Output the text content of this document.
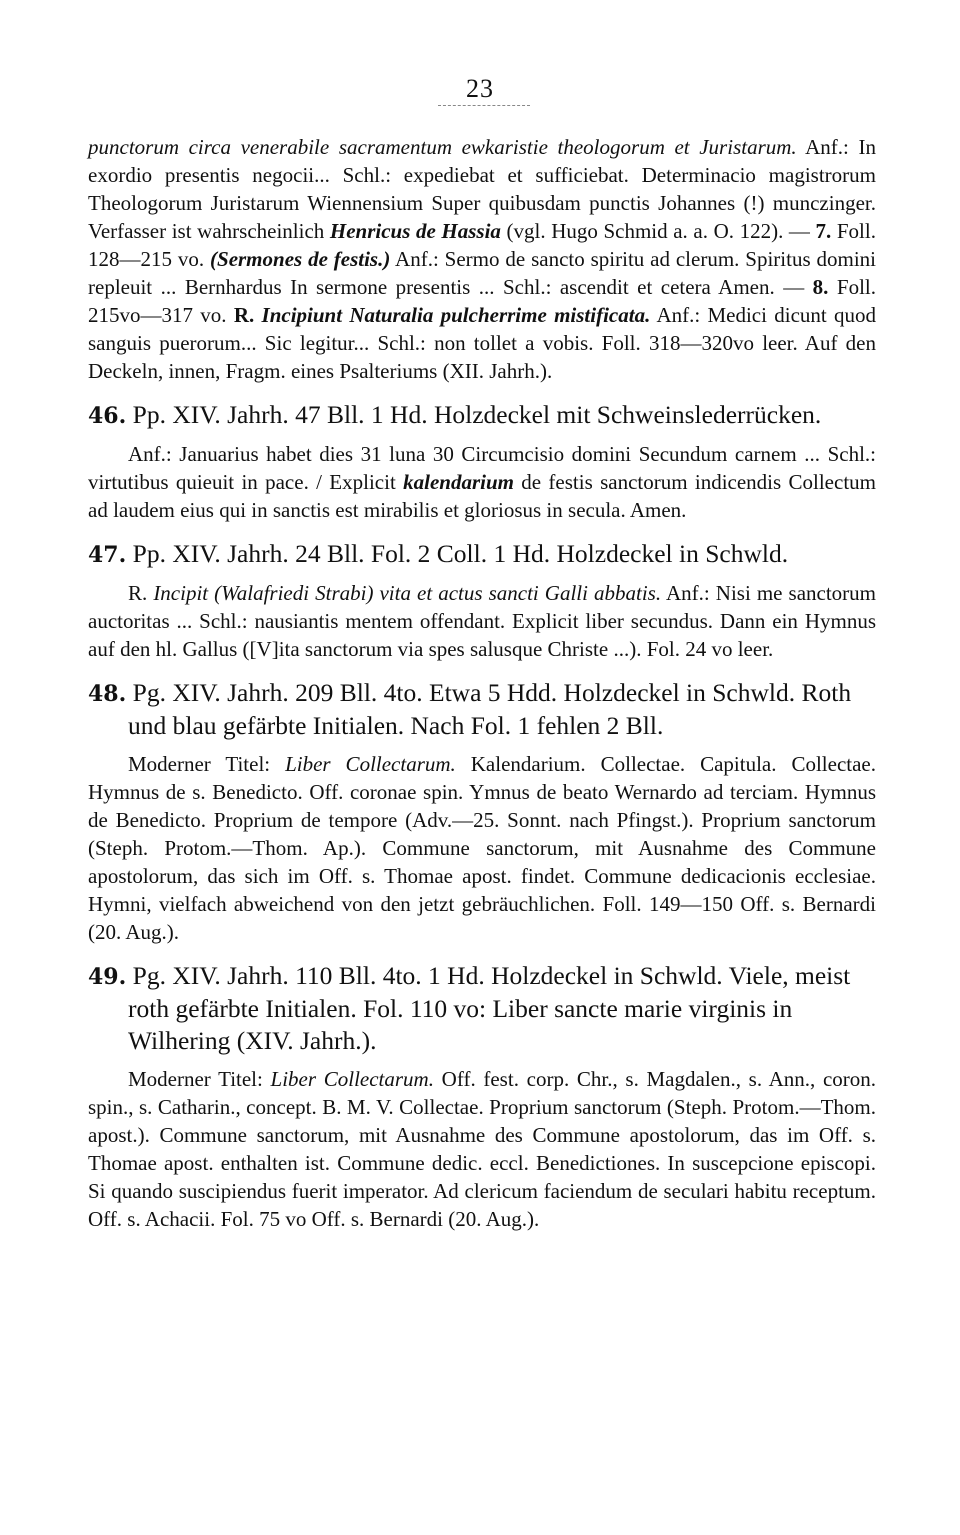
23

punctorum circa venerabile sacramentum ewkaristie theologorum et Juristarum. Anf.: In exordio presentis negocii... Schl.: expediebat et sufficiebat. Determinacio magistrorum Theologorum Juristarum Wiennensium Super quibusdam punctis Johannes (!) munczinger. Verfasser ist wahrscheinlich Henricus de Hassia (vgl. Hugo Schmid a. a. O. 122). — 7. Foll. 128—215 vo. (Sermones de festis.) Anf.: Sermo de sancto spiritu ad clerum. Spiritus domini repleuit ... Bernhardus In sermone presentis ... Schl.: ascendit et cetera Amen. — 8. Foll. 215vo—317 vo. R. Incipiunt Naturalia pulcherrime mistificata. Anf.: Medici dicunt quod sanguis puerorum... Sic legitur... Schl.: non tollet a vobis. Foll. 318—320vo leer. Auf den Deckeln, innen, Fragm. eines Psalteriums (XII. Jahrh.).

46. Pp. XIV. Jahrh. 47 Bll. 1 Hd. Holzdeckel mit Schweinslederrücken.

Anf.: Januarius habet dies 31 luna 30 Circumcisio domini Secundum carnem ... Schl.: virtutibus quieuit in pace. / Explicit kalendarium de festis sanctorum indicendis Collectum ad laudem eius qui in sanctis est mirabilis et gloriosus in secula. Amen.

47. Pp. XIV. Jahrh. 24 Bll. Fol. 2 Coll. 1 Hd. Holzdeckel in Schwld.

R. Incipit (Walafriedi Strabi) vita et actus sancti Galli abbatis. Anf.: Nisi me sanctorum auctoritas ... Schl.: nausiantis mentem offendant. Explicit liber secundus. Dann ein Hymnus auf den hl. Gallus ([V]ita sanctorum via spes salusque Christe ...). Fol. 24 vo leer.

48. Pg. XIV. Jahrh. 209 Bll. 4to. Etwa 5 Hdd. Holzdeckel in Schwld. Roth und blau gefärbte Initialen. Nach Fol. 1 fehlen 2 Bll.

Moderner Titel: Liber Collectarum. Kalendarium. Collectae. Capitula. Collectae. Hymnus de s. Benedicto. Off. coronae spin. Ymnus de beato Wernardo ad terciam. Hymnus de Benedicto. Proprium de tempore (Adv.—25. Sonnt. nach Pfingst.). Proprium sanctorum (Steph. Protom.—Thom. Ap.). Commune sanctorum, mit Ausnahme des Commune apostolorum, das sich im Off. s. Thomae apost. findet. Commune dedicacionis ecclesiae. Hymni, vielfach abweichend von den jetzt gebräuchlichen. Foll. 149—150 Off. s. Bernardi (20. Aug.).

49. Pg. XIV. Jahrh. 110 Bll. 4to. 1 Hd. Holzdeckel in Schwld. Viele, meist roth gefärbte Initialen. Fol. 110 vo: Liber sancte marie virginis in Wilhering (XIV. Jahrh.).

Moderner Titel: Liber Collectarum. Off. fest. corp. Chr., s. Magdalen., s. Ann., coron. spin., s. Catharin., concept. B. M. V. Collectae. Proprium sanctorum (Steph. Protom.—Thom. apost.). Commune sanctorum, mit Ausnahme des Commune apostolorum, das im Off. s. Thomae apost. enthalten ist. Commune dedic. eccl. Benedictiones. In suscepcione episcopi. Si quando suscipiendus fuerit imperator. Ad clericum faciendum de seculari habitu receptum. Off. s. Achacii. Fol. 75 vo Off. s. Bernardi (20. Aug.).
